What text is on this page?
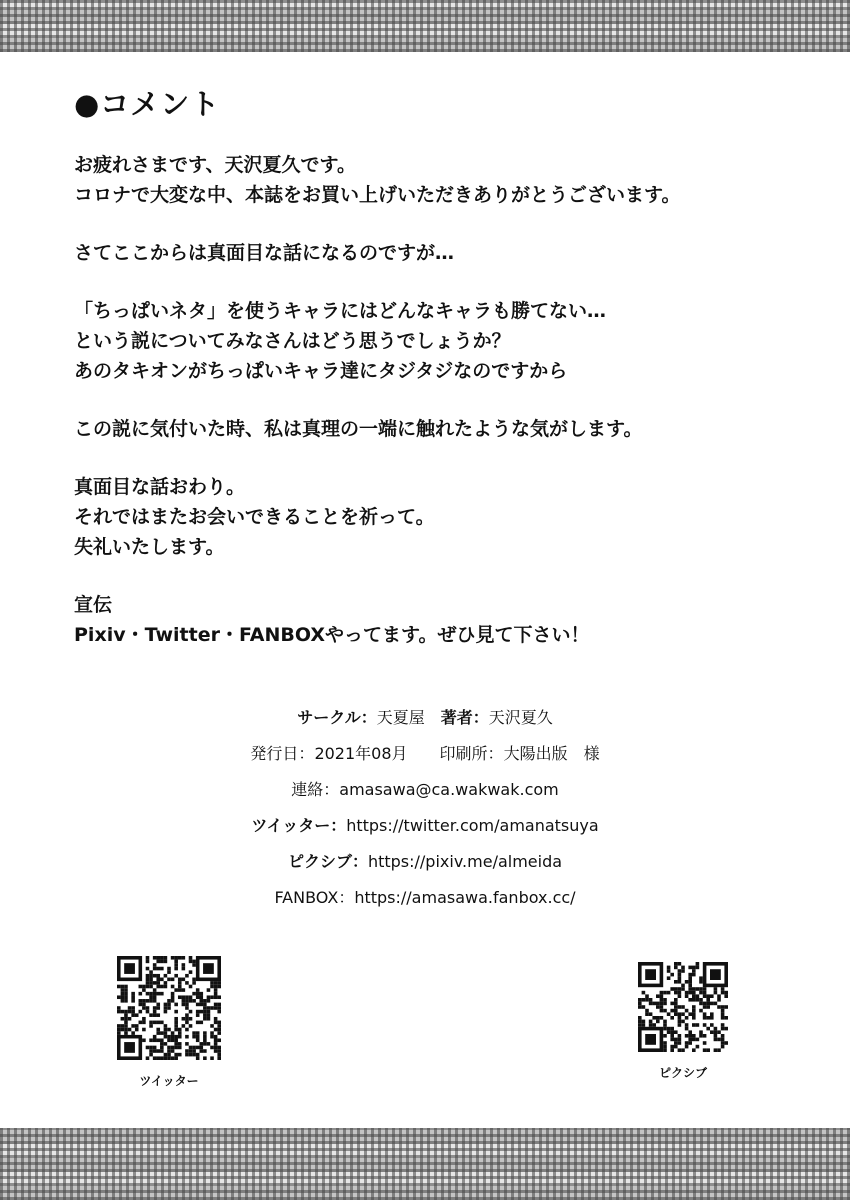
●コメント

お疲れさまです、天沢夏久です。

コロナで大変な中、本誌をお買い上げいただきありがとうございます。

さてここからは真面目な話になるのですが…

「ちっぱいネタ」を使うキャラにはどんなキャラも勝てない…

という説についてみなさんはどう思うでしょうか？

あのタキオンがちっぱいキャラ達にタジタジなのですから

この説に気付いた時、私は真理の一端に触れたような気がします。

真面目な話おわり。

それではまたお会いできることを祈って。

失礼いたします。

宣伝

Pixiv・Twitter・FANBOXやってます。ぜひ見て下さい！

サークル：天夏屋　 著者：天沢夏久
発行日：2021年08月　　 印刷所：大陽出版　様
連絡：amasawa@ca.wakwak.com
ツイッター：https://twitter.com/amanatsuya
ピクシブ：https://pixiv.me/almeida
FANBOX：https://amasawa.fanbox.cc/
ツイッター
ピクシブ
